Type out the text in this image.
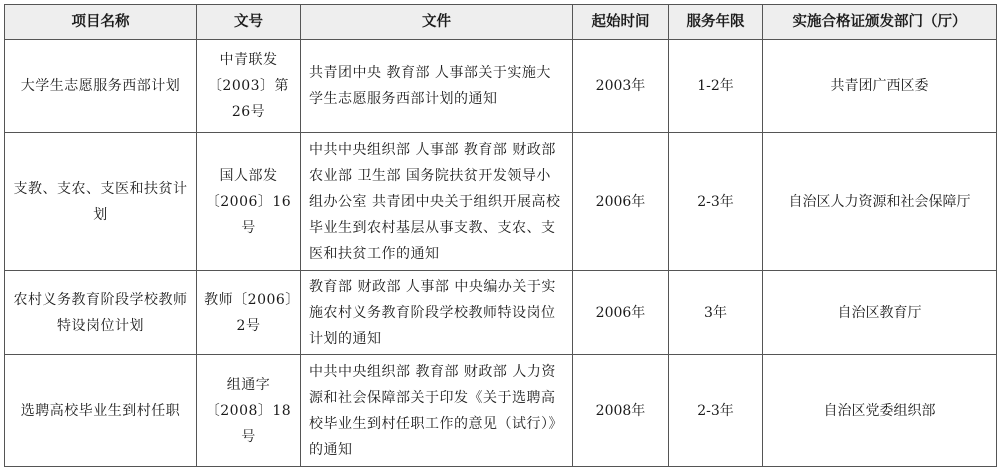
项目名称	文号	文件	起始时间	服务年限	实施合格证颁发部门（厅）
大学生志愿服务西部计划	中青联发〔2003〕第26号	共青团中央 教育部 人事部关于实施大学生志愿服务西部计划的通知	2003年	1-2年	共青团广西区委
支教、支农、支医和扶贫计划	国人部发〔2006〕16号	中共中央组织部 人事部 教育部 财政部 农业部 卫生部 国务院扶贫开发领导小组办公室 共青团中央关于组织开展高校毕业生到农村基层从事支教、支农、支医和扶贫工作的通知	2006年	2-3年	自治区人力资源和社会保障厅
农村义务教育阶段学校教师特设岗位计划	教师〔2006〕2号	教育部 财政部 人事部 中央编办关于实施农村义务教育阶段学校教师特设岗位计划的通知	2006年	3年	自治区教育厅
选聘高校毕业生到村任职	组通字〔2008〕18号	中共中央组织部 教育部 财政部 人力资源和社会保障部关于印发《关于选聘高校毕业生到村任职工作的意见（试行）》的通知	2008年	2-3年	自治区党委组织部
